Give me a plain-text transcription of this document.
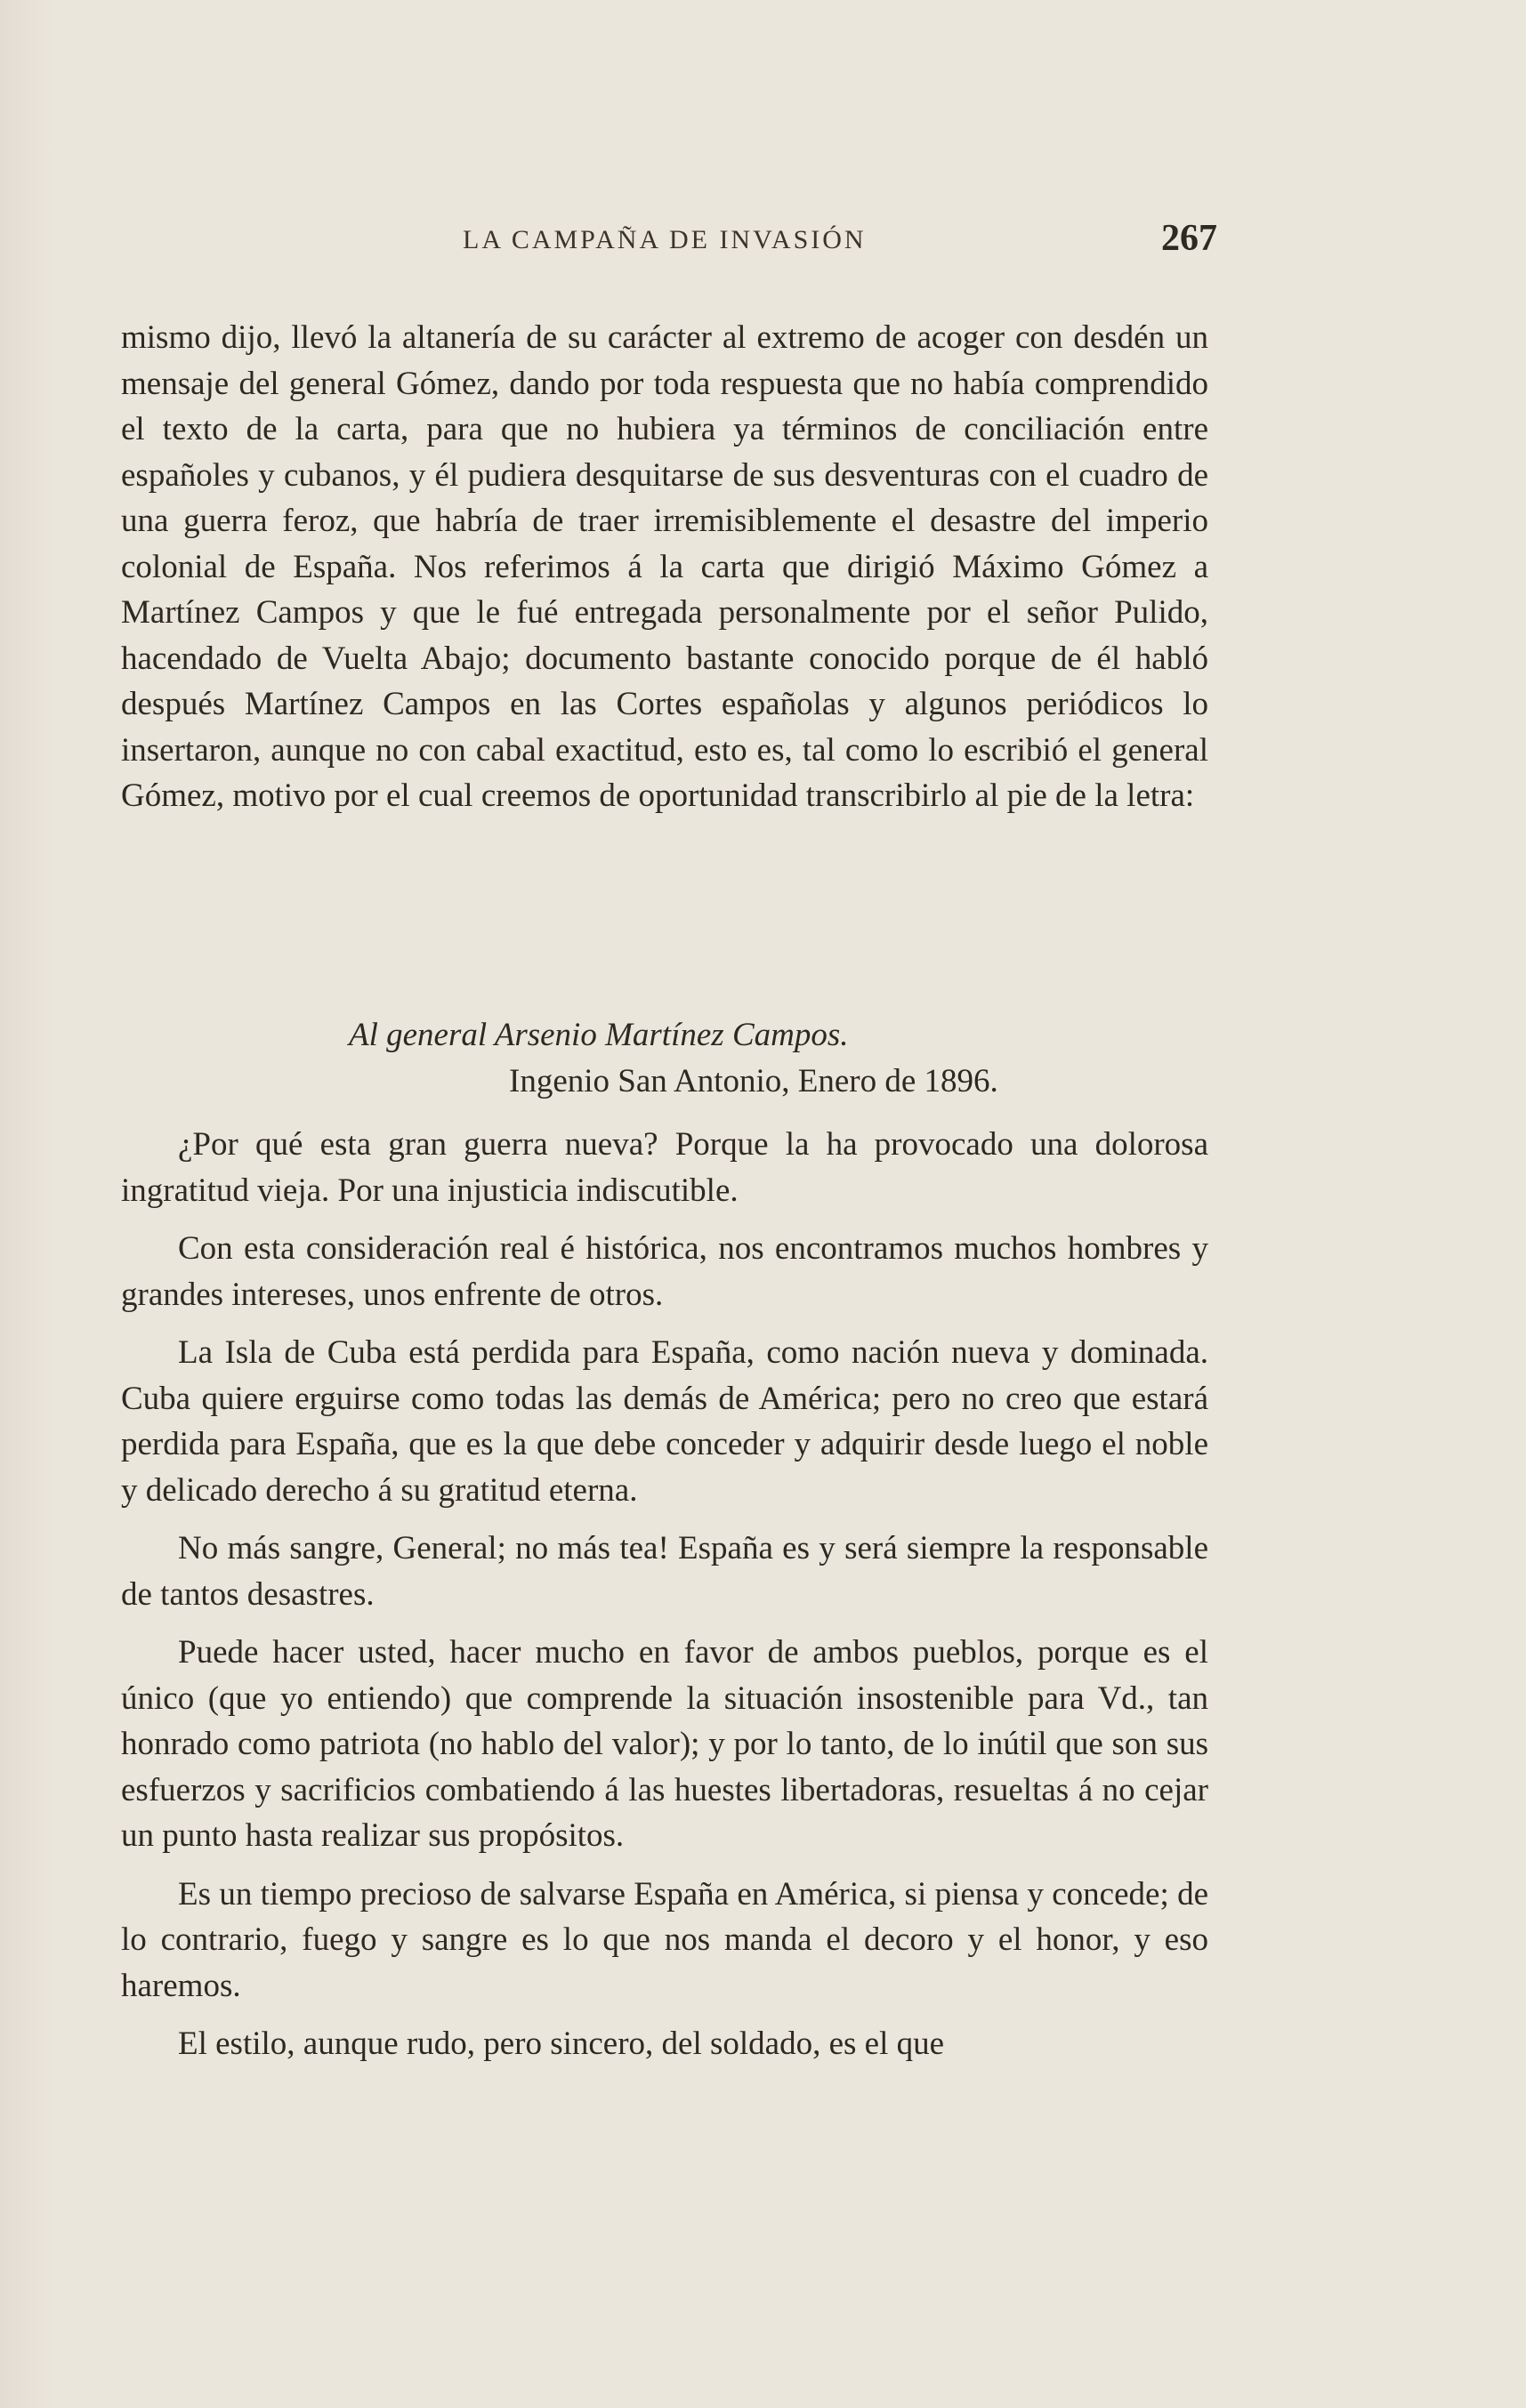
LA CAMPAÑA DE INVASIÓN	267

mismo dijo, llevó la altanería de su carácter al extremo de acoger con desdén un mensaje del general Gómez, dando por toda respuesta que no había comprendido el texto de la carta, para que no hubiera ya términos de conciliación entre españoles y cubanos, y él pudiera desquitarse de sus desventuras con el cuadro de una guerra feroz, que habría de traer irremisiblemente el desastre del imperio colonial de España. Nos referimos á la carta que dirigió Máximo Gómez a Martínez Campos y que le fué entregada personalmente por el señor Pulido, hacendado de Vuelta Abajo; documento bastante conocido porque de él habló después Martínez Campos en las Cortes españolas y algunos periódicos lo insertaron, aunque no con cabal exactitud, esto es, tal como lo escribió el general Gómez, motivo por el cual creemos de oportunidad transcribirlo al pie de la letra:

Al general Arsenio Martínez Campos.

Ingenio San Antonio, Enero de 1896.

¿Por qué esta gran guerra nueva? Porque la ha provocado una dolorosa ingratitud vieja. Por una injusticia indiscutible.

Con esta consideración real é histórica, nos encontramos muchos hombres y grandes intereses, unos enfrente de otros.

La Isla de Cuba está perdida para España, como nación nueva y dominada. Cuba quiere erguirse como todas las demás de América; pero no creo que estará perdida para España, que es la que debe conceder y adquirir desde luego el noble y delicado derecho á su gratitud eterna.

No más sangre, General; no más tea! España es y será siempre la responsable de tantos desastres.

Puede hacer usted, hacer mucho en favor de ambos pueblos, porque es el único (que yo entiendo) que comprende la situación insostenible para Vd., tan honrado como patriota (no hablo del valor); y por lo tanto, de lo inútil que son sus esfuerzos y sacrificios combatiendo á las huestes libertadoras, resueltas á no cejar un punto hasta realizar sus propósitos.

Es un tiempo precioso de salvarse España en América, si piensa y concede; de lo contrario, fuego y sangre es lo que nos manda el decoro y el honor, y eso haremos.

El estilo, aunque rudo, pero sincero, del soldado, es el que
